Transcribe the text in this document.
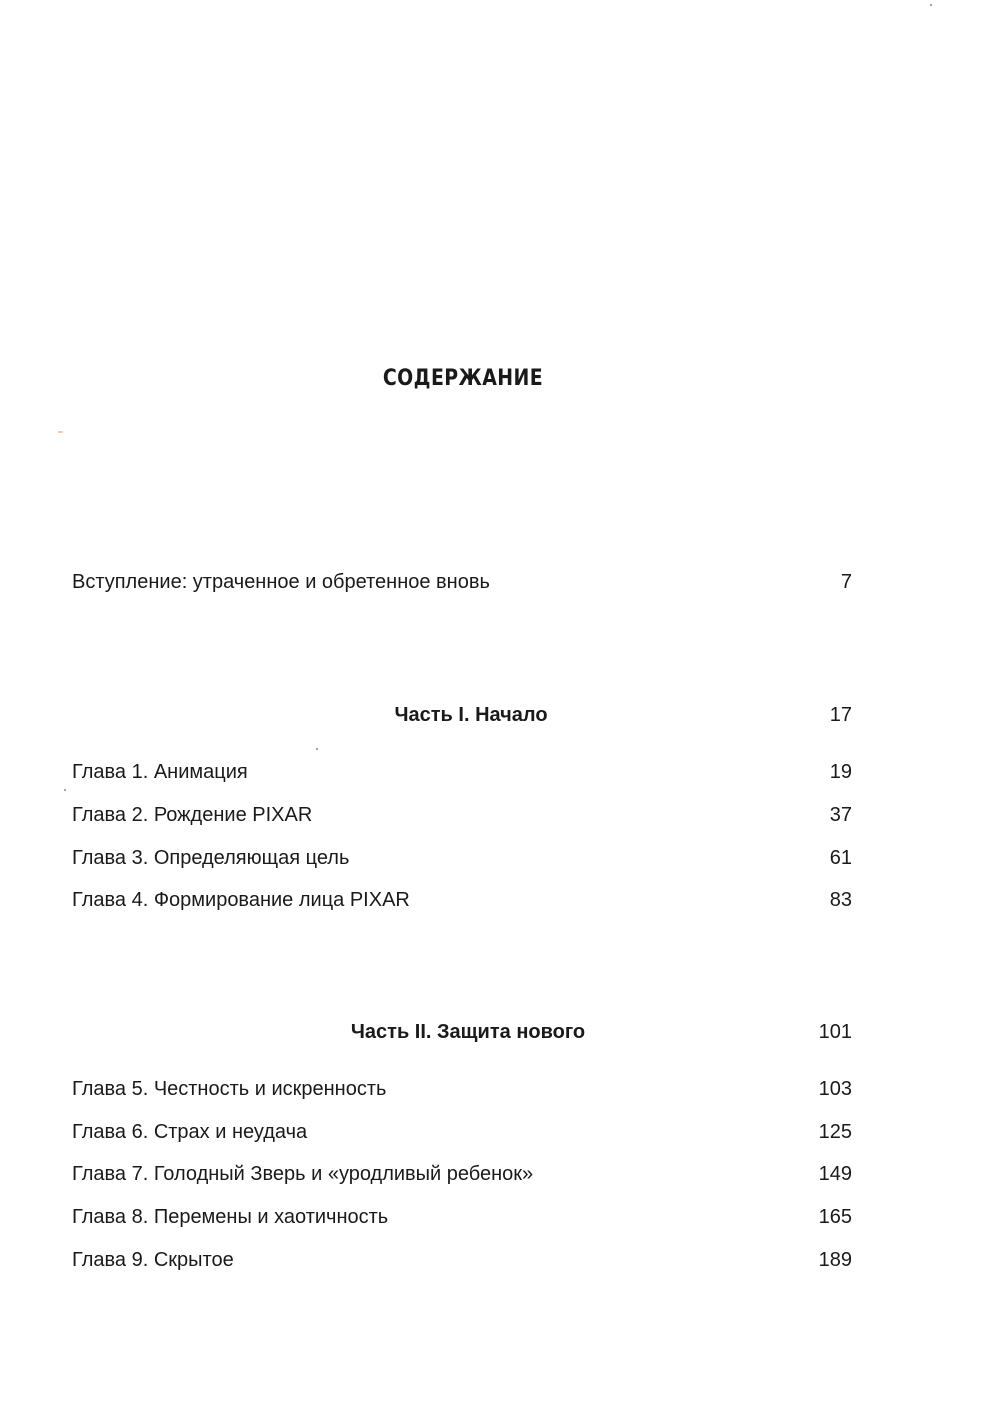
СОДЕРЖАНИЕ
Вступление: утраченное и обретенное вновь	7
Часть I. Начало	17
Глава 1. Анимация	19
Глава 2. Рождение PIXAR	37
Глава 3. Определяющая цель	61
Глава 4. Формирование лица PIXAR	83
Часть II. Защита нового	101
Глава 5. Честность и искренность	103
Глава 6. Страх и неудача	125
Глава 7. Голодный Зверь и «уродливый ребенок»	149
Глава 8. Перемены и хаотичность	165
Глава 9. Скрытое	189
